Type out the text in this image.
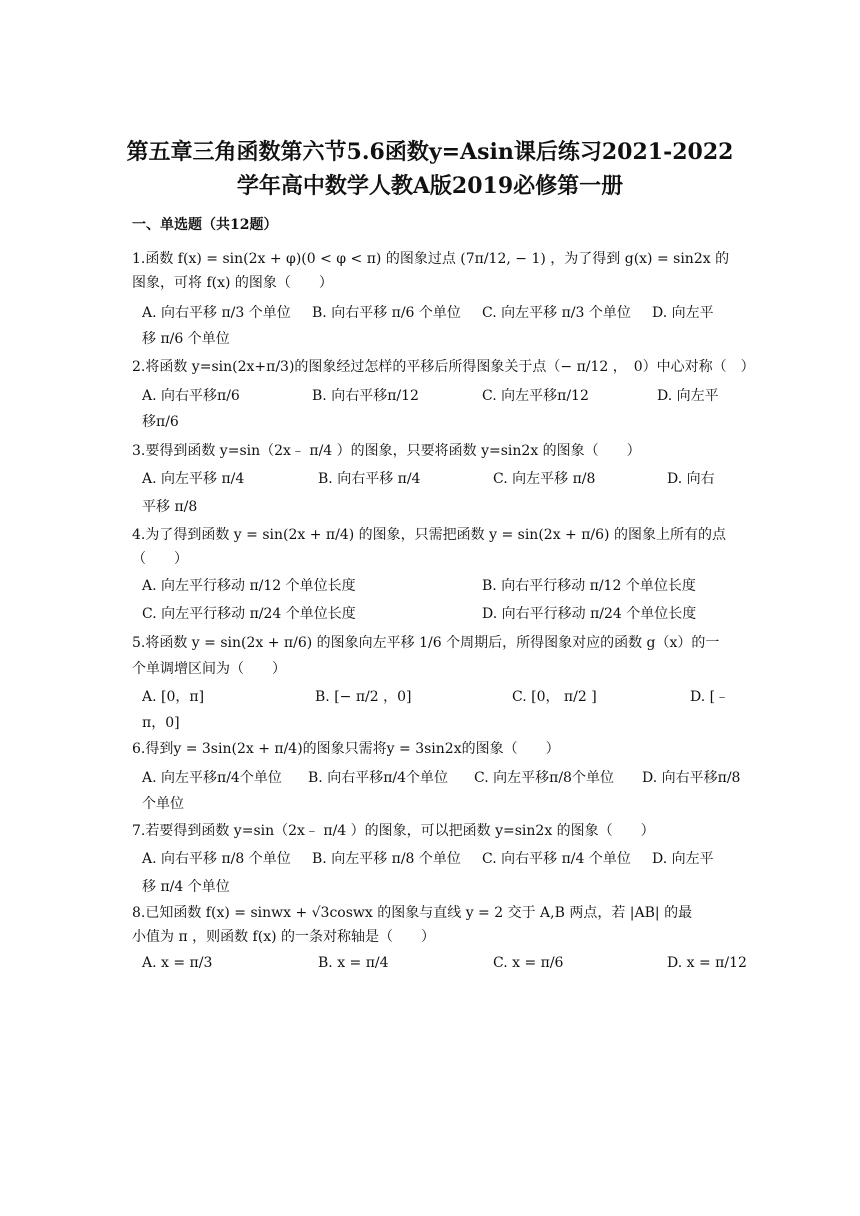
第五章三角函数第六节5.6函数y=Asin课后练习2021-2022
学年高中数学人教A版2019必修第一册
一、单选题（共12题）
1.函数 f(x) = sin(2x + φ)(0 < φ < π) 的图象过点 (7π/12, − 1) ，为了得到 g(x) = sin2x 的
图象，可将 f(x) 的图象（　　）
A. 向右平移 π/3 个单位 B. 向右平移 π/6 个单位 C. 向左平移 π/3 个单位 D. 向左平
移 π/6 个单位
2.将函数 y=sin(2x+π/3)的图象经过怎样的平移后所得图象关于点（− π/12 ，　0）中心对称（　）
A. 向右平移π/6	B. 向右平移π/12	C. 向左平移π/12	D. 向左平
移π/6
3.要得到函数 y=sin（2x﹣ π/4 ）的图象，只要将函数 y=sin2x 的图象（　　）
A. 向左平移 π/4	B. 向右平移 π/4	C. 向左平移 π/8	D. 向右
平移 π/8
4.为了得到函数 y = sin(2x + π/4) 的图象，只需把函数 y = sin(2x + π/6) 的图象上所有的点
（　　）
A. 向左平行移动 π/12 个单位长度	B. 向右平行移动 π/12 个单位长度
C. 向左平行移动 π/24 个单位长度	D. 向右平行移动 π/24 个单位长度
5.将函数 y = sin(2x + π/6) 的图象向左平移 1/6 个周期后，所得图象对应的函数 g（x）的一
个单调增区间为（　　）
A. [0，π]	B. [− π/2 ，0]	C. [0， π/2 ]	D. [﹣
π，0]
6.得到y = 3sin(2x + π/4)的图象只需将y = 3sin2x的图象（　　）
A. 向左平移π/4个单位 B. 向右平移π/4个单位 C. 向左平移π/8个单位 D. 向右平移π/8
个单位
7.若要得到函数 y=sin（2x﹣ π/4 ）的图象，可以把函数 y=sin2x 的图象（　　）
A. 向右平移 π/8 个单位 B. 向左平移 π/8 个单位 C. 向右平移 π/4 个单位 D. 向左平
移 π/4 个单位
8.已知函数 f(x) = sinwx + √3coswx 的图象与直线 y = 2 交于 A,B 两点，若 |AB| 的最
小值为 π ，则函数 f(x) 的一条对称轴是（　　）
A. x = π/3	B. x = π/4	C. x = π/6	D. x = π/12
